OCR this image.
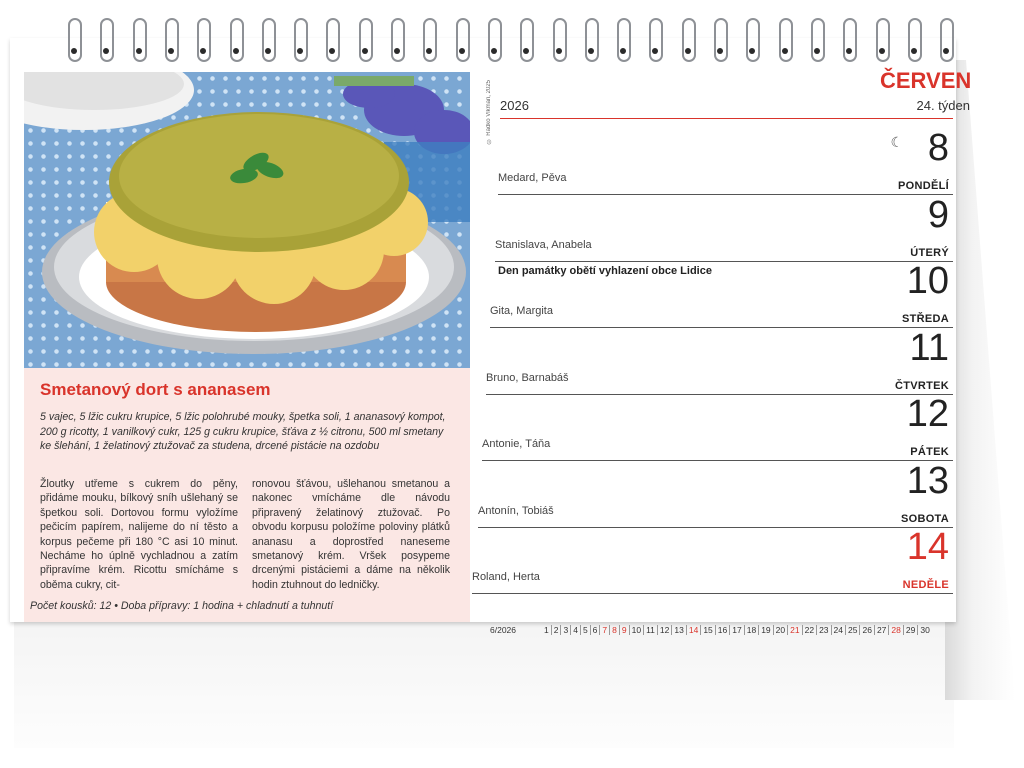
© Radko Vlkman, 2025
Smetanový dort s ananasem
5 vajec, 5 lžic cukru krupice, 5 lžic polohrubé mouky, špetka soli, 1 ananasový kompot, 200 g ricotty, 1 vanilkový cukr, 125 g cukru krupice, šťáva z ½ citronu, 500 ml smetany ke šlehání, 1 želatinový ztužovač za studena, drcené pistácie na ozdobu
Žloutky utřeme s cukrem do pěny, přidáme mouku, bílkový sníh ušlehaný se špetkou soli. Dortovou formu vyložíme pečicím papírem, nalijeme do ní těsto a korpus pečeme při 180 °C asi 10 minut. Necháme ho úplně vychladnou a zatím připravíme krém. Ricottu smícháme s oběma cukry, cit-
ronovou šťávou, ušlehanou smetanou a nakonec vmícháme dle návodu připravený želatinový ztužovač. Po obvodu korpusu položíme poloviny plátků ananasu a doprostřed naneseme smetanový krém. Vršek posypeme drcenými pistáciemi a dáme na několik hodin ztuhnout do ledničky.
Počet kousků: 12 • Doba přípravy: 1 hodina + chladnutí a tuhnutí
ČERVEN
2026	24. týden
☾ 8
Medard, Pěva
PONDĚLÍ
9
Stanislava, Anabela
ÚTERÝ
Den památky obětí vyhlazení obce Lidice	10
Gita, Margita
STŘEDA
11
Bruno, Barnabáš
ČTVRTEK
12
Antonie, Táňa
PÁTEK
13
Antonín, Tobiáš
SOBOTA
14
Roland, Herta
NEDĚLE
6/2026	1 2 3 4 5 6 7 8 9 10 11 12 13 14 15 16 17 18 19 20 21 22 23 24 25 26 27 28 29 30
